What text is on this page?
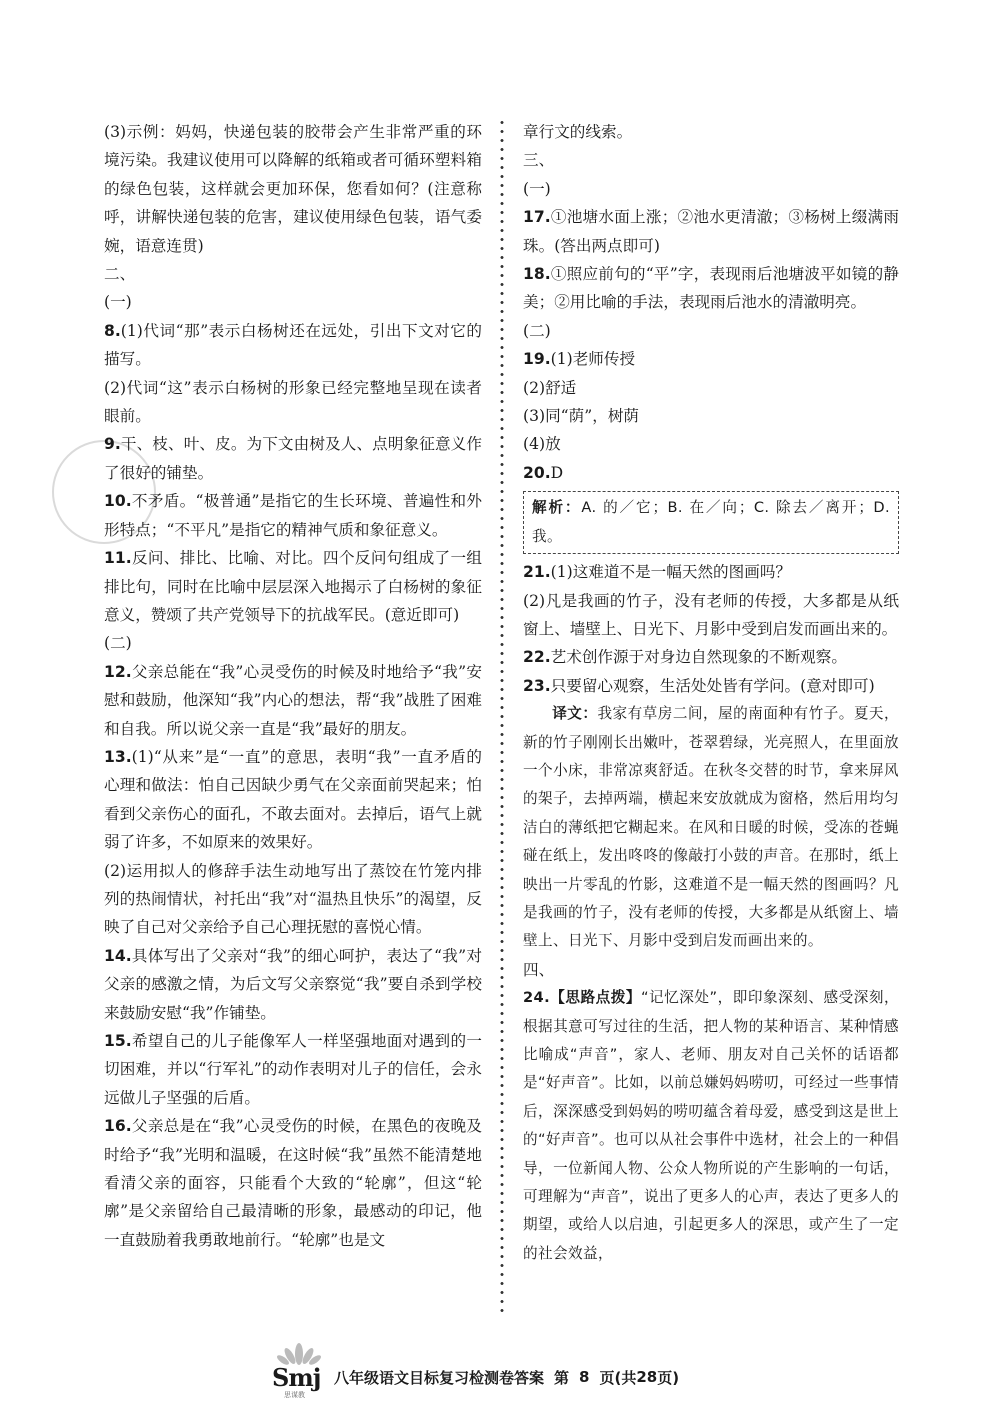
(3)示例：妈妈，快递包装的胶带会产生非常严重的环境污染。我建议使用可以降解的纸箱或者可循环塑料箱的绿色包装，这样就会更加环保，您看如何？(注意称呼，讲解快递包装的危害，建议使用绿色包装，语气委婉，语意连贯)

二、

(一)

8.(1)代词“那”表示白杨树还在远处，引出下文对它的描写。

(2)代词“这”表示白杨树的形象已经完整地呈现在读者眼前。

9.干、枝、叶、皮。为下文由树及人、点明象征意义作了很好的铺垫。

10.不矛盾。“极普通”是指它的生长环境、普遍性和外形特点；“不平凡”是指它的精神气质和象征意义。

11.反问、排比、比喻、对比。四个反问句组成了一组排比句，同时在比喻中层层深入地揭示了白杨树的象征意义，赞颂了共产党领导下的抗战军民。(意近即可)

(二)

12.父亲总能在“我”心灵受伤的时候及时地给予“我”安慰和鼓励，他深知“我”内心的想法，帮“我”战胜了困难和自我。所以说父亲一直是“我”最好的朋友。

13.(1)“从来”是“一直”的意思，表明“我”一直矛盾的心理和做法：怕自己因缺少勇气在父亲面前哭起来；怕看到父亲伤心的面孔，不敢去面对。去掉后，语气上就弱了许多，不如原来的效果好。

(2)运用拟人的修辞手法生动地写出了蒸饺在竹笼内排列的热闹情状，衬托出“我”对“温热且快乐”的渴望，反映了自己对父亲给予自己心理抚慰的喜悦心情。

14.具体写出了父亲对“我”的细心呵护，表达了“我”对父亲的感激之情，为后文写父亲察觉“我”要自杀到学校来鼓励安慰“我”作铺垫。

15.希望自己的儿子能像军人一样坚强地面对遇到的一切困难，并以“行军礼”的动作表明对儿子的信任，会永远做儿子坚强的后盾。

16.父亲总是在“我”心灵受伤的时候，在黑色的夜晚及时给予“我”光明和温暖，在这时候“我”虽然不能清楚地看清父亲的面容，只能看个大致的“轮廓”，但这“轮廓”是父亲留给自己最清晰的形象，最感动的印记，他一直鼓励着我勇敢地前行。“轮廓”也是文

章行文的线索。

三、

(一)

17.①池塘水面上涨；②池水更清澈；③杨树上缀满雨珠。(答出两点即可)

18.①照应前句的“平”字，表现雨后池塘波平如镜的静美；②用比喻的手法，表现雨后池水的清澈明亮。

(二)

19.(1)老师传授

(2)舒适

(3)同“荫”，树荫

(4)放

20.D

解析：A. 的／它；B. 在／向；C. 除去／离开；D. 我。

21.(1)这难道不是一幅天然的图画吗？

(2)凡是我画的竹子，没有老师的传授，大多都是从纸窗上、墙壁上、日光下、月影中受到启发而画出来的。

22.艺术创作源于对身边自然现象的不断观察。

23.只要留心观察，生活处处皆有学问。(意对即可)

译文：我家有草房二间，屋的南面种有竹子。夏天，新的竹子刚刚长出嫩叶，苍翠碧绿，光亮照人，在里面放一个小床，非常凉爽舒适。在秋冬交替的时节，拿来屏风的架子，去掉两端，横起来安放就成为窗格，然后用均匀洁白的薄纸把它糊起来。在风和日暖的时候，受冻的苍蝇碰在纸上，发出咚咚的像敲打小鼓的声音。在那时，纸上映出一片零乱的竹影，这难道不是一幅天然的图画吗？凡是我画的竹子，没有老师的传授，大多都是从纸窗上、墙壁上、日光下、月影中受到启发而画出来的。

四、

24.【思路点拨】“记忆深处”，即印象深刻、感受深刻，根据其意可写过往的生活，把人物的某种语言、某种情感比喻成“声音”，家人、老师、朋友对自己关怀的话语都是“好声音”。比如，以前总嫌妈妈唠叨，可经过一些事情后，深深感受到妈妈的唠叨蕴含着母爱，感受到这是世上的“好声音”。也可以从社会事件中选材，社会上的一种倡导，一位新闻人物、公众人物所说的产生影响的一句话，可理解为“声音”，说出了更多人的心声，表达了更多人的期望，或给人以启迪，引起更多人的深思，或产生了一定的社会效益，

Smj
思谋教
八年级语文目标复习检测卷答案 第 8 页(共 28 页)
